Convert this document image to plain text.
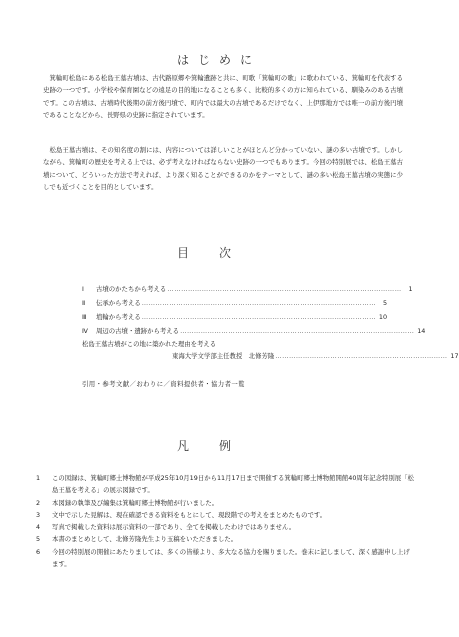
はじめに

箕輪町松島にある松島王墓古墳は、古代路原郷や箕輪遺跡と共に、町歌「箕輪町の歌」に歌われている、箕輪町を代表する史跡の一つです。小学校や保育園などの遠足の目的地になることも多く、比較的多くの方に知られている、馴染みのある古墳です。この古墳は、古墳時代後期の前方後円墳で、町内では最大の古墳であるだけでなく、上伊那地方では唯一の前方後円墳であることなどから、長野県の史跡に指定されています。

松島王墓古墳は、その知名度の割には、内容については詳しいことがほとんど分かっていない、謎の多い古墳です。しかしながら、箕輪町の歴史を考える上では、必ず考えなければならない史跡の一つでもあります。今回の特別展では、松島王墓古墳について、どういった方法で考えれば、より深く知ることができるのかをテーマとして、謎の多い松島王墓古墳の実態に少しでも近づくことを目的としています。

目次
Ⅰ	古墳のかたちから考える …………………………………………………………………………………………	1
Ⅱ	伝承から考える …………………………………………………………………………………………	5
Ⅲ	埴輪から考える ………………………………………………………………………………………… 10
Ⅳ	周辺の古墳・遺跡から考える ………………………………………………………………………………………… 14
松島王墓古墳がこの地に築かれた理由を考える
東海大学文学部主任教授　北條芳隆 ………………………………………………………………… 17
引用・参考文献／おわりに／資料提供者・協力者一覧
凡例
1	この図録は、箕輪町郷土博物館が平成25年10月19日から11月17日まで開催する箕輪町郷土博物館開館40周年記念特別展「松島王墓を考える」の展示図録です。
2	本図録の執筆及び編集は箕輪町郷土博物館が行いました。
3	文中で示した見解は、現在確認できる資料をもとにして、現段階での考えをまとめたものです。
4	写真で掲載した資料は展示資料の一部であり、全てを掲載したわけではありません。
5	本書のまとめとして、北條芳隆先生より玉稿をいただきました。
6	今回の特別展の開催にあたりましては、多くの皆様より、多大なる協力を賜りました。巻末に記しまして、深く感謝申し上げます。
